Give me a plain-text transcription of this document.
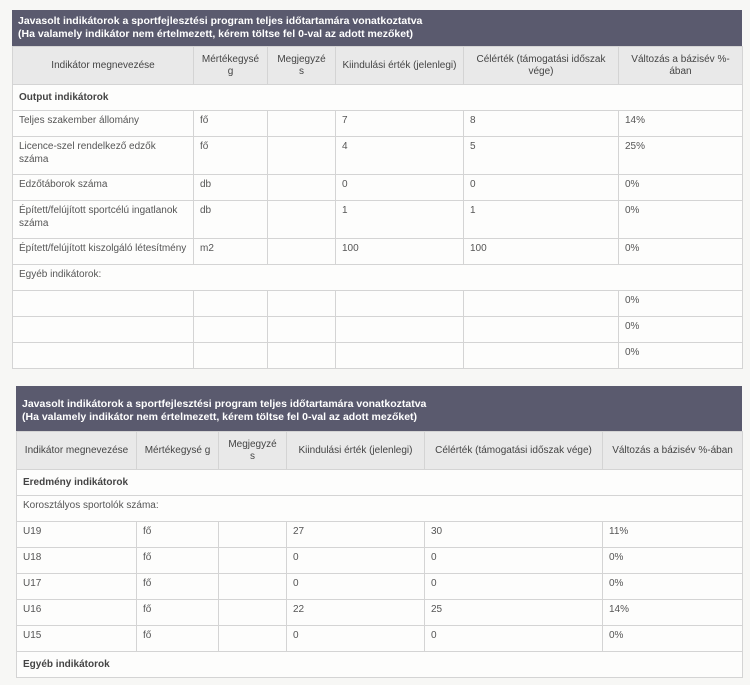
Javasolt indikátorok a sportfejlesztési program teljes időtartamára vonatkoztatva
(Ha valamely indikátor nem értelmezett, kérem töltse fel 0-val az adott mezőket)
Indikátor megnevezése	Mértékegysé g	Megjegyzé s	Kiindulási érték (jelenlegi)	Célérték (támogatási időszak vége)	Változás a bázisév %-ában
Output indikátorok					
Teljes szakember állomány	fő		7	8	14%
Licence-szel rendelkező edzők száma	fő		4	5	25%
Edzőtáborok száma	db		0	0	0%
Épített/felújított sportcélú ingatlanok száma	db		1	1	0%
Épített/felújított kiszolgáló létesítmény	m2		100	100	0%
Egyéb indikátorok:					
					0%
					0%
					0%
Javasolt indikátorok a sportfejlesztési program teljes időtartamára vonatkoztatva
(Ha valamely indikátor nem értelmezett, kérem töltse fel 0-val az adott mezőket)
Indikátor megnevezése	Mértékegysé g	Megjegyzé s	Kiindulási érték (jelenlegi)	Célérték (támogatási időszak vége)	Változás a bázisév %-ában
Eredmény indikátorok					
Korosztályos sportolók száma:					
U19	fő		27	30	11%
U18	fő		0	0	0%
U17	fő		0	0	0%
U16	fő		22	25	14%
U15	fő		0	0	0%
Egyéb indikátorok					
